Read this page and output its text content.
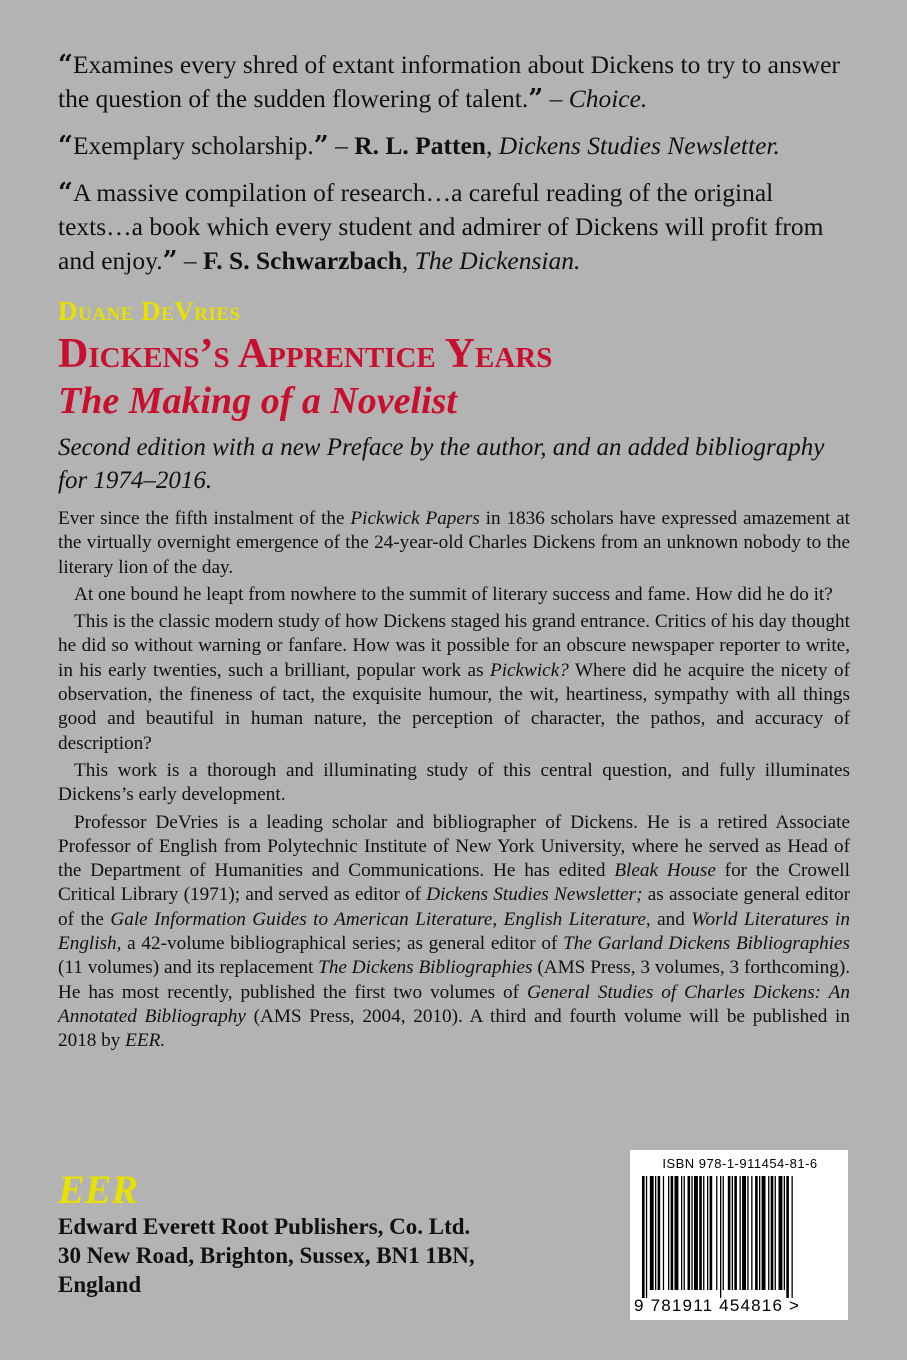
“Examines every shred of extant information about Dickens to try to answer the question of the sudden flowering of talent.” – Choice.
“Exemplary scholarship.” – R. L. Patten, Dickens Studies Newsletter.
“A massive compilation of research…a careful reading of the original texts…a book which every student and admirer of Dickens will profit from and enjoy.” – F. S. Schwarzbach, The Dickensian.
Duane DeVries
Dickens’s Apprentice Years
The Making of a Novelist
Second edition with a new Preface by the author, and an added bibliography for 1974–2016.

Ever since the fifth instalment of the Pickwick Papers in 1836 scholars have expressed amazement at the virtually overnight emergence of the 24-year-old Charles Dickens from an unknown nobody to the literary lion of the day.

At one bound he leapt from nowhere to the summit of literary success and fame. How did he do it?

This is the classic modern study of how Dickens staged his grand entrance. Critics of his day thought he did so without warning or fanfare. How was it possible for an obscure newspaper reporter to write, in his early twenties, such a brilliant, popular work as Pickwick? Where did he acquire the nicety of observation, the fineness of tact, the exquisite humour, the wit, heartiness, sympathy with all things good and beautiful in human nature, the perception of character, the pathos, and accuracy of description?

This work is a thorough and illuminating study of this central question, and fully illuminates Dickens’s early development.

Professor DeVries is a leading scholar and bibliographer of Dickens. He is a retired Associate Professor of English from Polytechnic Institute of New York University, where he served as Head of the Department of Humanities and Communications. He has edited Bleak House for the Crowell Critical Library (1971); and served as editor of Dickens Studies Newsletter; as associate general editor of the Gale Information Guides to American Literature, English Literature, and World Literatures in English, a 42-volume bibliographical series; as general editor of The Garland Dickens Bibliographies (11 volumes) and its replacement The Dickens Bibliographies (AMS Press, 3 volumes, 3 forthcoming). He has most recently, published the first two volumes of General Studies of Charles Dickens: An Annotated Bibliography (AMS Press, 2004, 2010). A third and fourth volume will be published in 2018 by EER.

EER
Edward Everett Root Publishers, Co. Ltd.
30 New Road, Brighton, Sussex, BN1 1BN,
England
ISBN 978-1-911454-81-6
9 781911 454816 >
